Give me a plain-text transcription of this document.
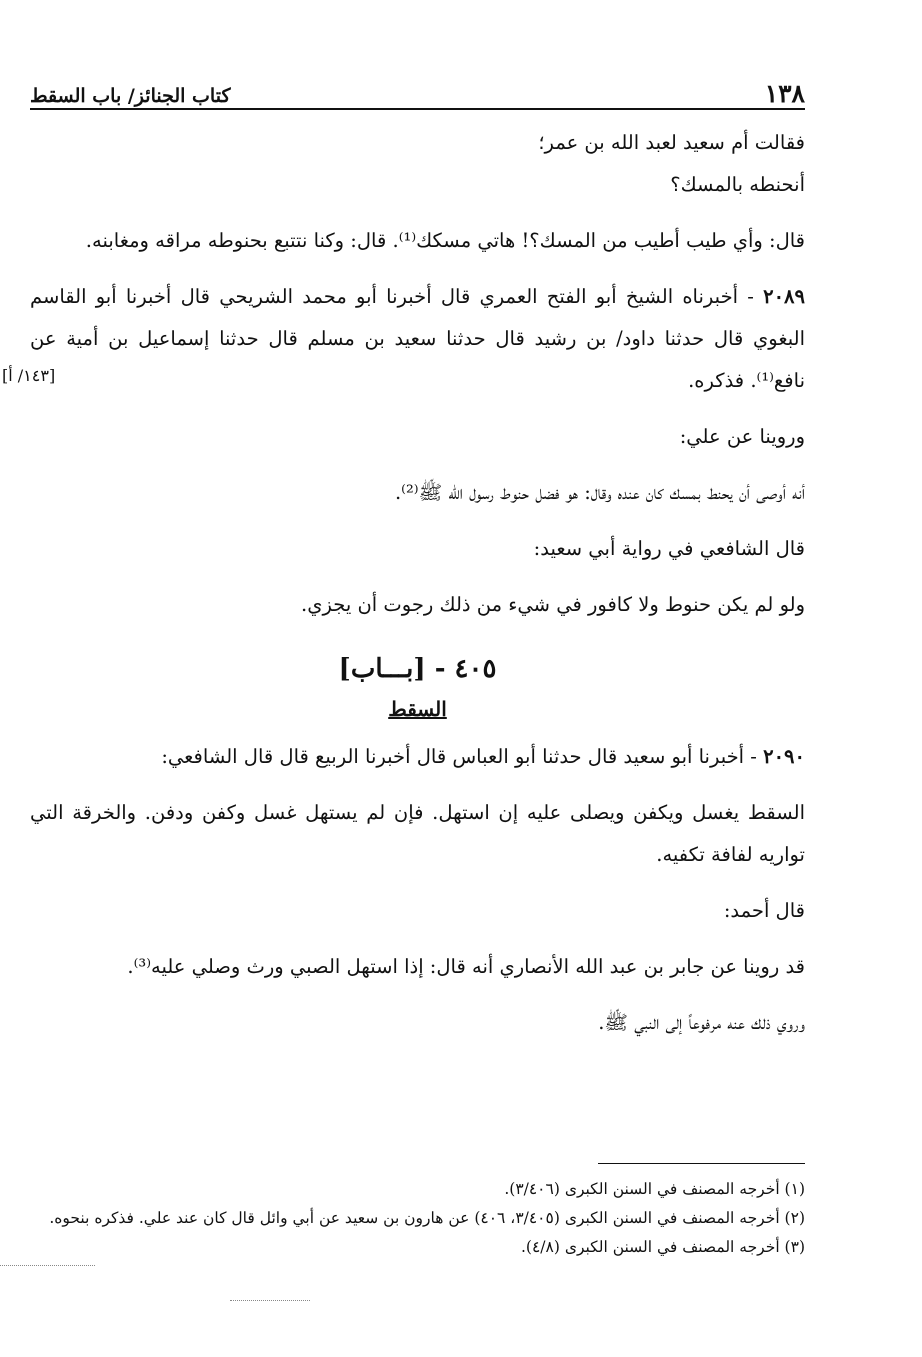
١٣٨
كتاب الجنائز/ باب السقط

فقالت أم سعيد لعبد الله بن عمر؛
أنحنطه بالمسك؟

قال: وأي طيب أطيب من المسك؟! هاتي مسكك⁽¹⁾. قال: وكنا نتتبع بحنوطه مراقه ومغابنه.

٢٠٨٩ - أخبرناه الشيخ أبو الفتح العمري قال أخبرنا أبو محمد الشريحي قال أخبرنا أبو القاسم البغوي قال حدثنا داود/ بن رشيد قال حدثنا سعيد بن مسلم قال حدثنا إسماعيل بن أمية عن نافع⁽¹⁾. فذكره.

وروينا عن علي:

أنه أوصى أن يحنط بمسك كان عنده وقال: هو فضل حنوط رسول الله ﷺ⁽²⁾.

قال الشافعي في رواية أبي سعيد:

ولو لم يكن حنوط ولا كافور في شيء من ذلك رجوت أن يجزي.

٤٠٥ - [بـــاب]
السقط

٢٠٩٠ - أخبرنا أبو سعيد قال حدثنا أبو العباس قال أخبرنا الربيع قال قال الشافعي:

السقط يغسل ويكفن ويصلى عليه إن استهل. فإن لم يستهل غسل وكفن ودفن. والخرقة التي تواريه لفافة تكفيه.

قال أحمد:

قد روينا عن جابر بن عبد الله الأنصاري أنه قال: إذا استهل الصبي ورث وصلي عليه⁽³⁾.

وروي ذلك عنه مرفوعاً إلى النبي ﷺ.

(١) أخرجه المصنف في السنن الكبرى (٣/٤٠٦).

(٢) أخرجه المصنف في السنن الكبرى (٣/٤٠٥، ٤٠٦) عن هارون بن سعيد عن أبي وائل قال كان عند علي. فذكره بنحوه.

(٣) أخرجه المصنف في السنن الكبرى (٤/٨).

[١٤٣/ أ]
